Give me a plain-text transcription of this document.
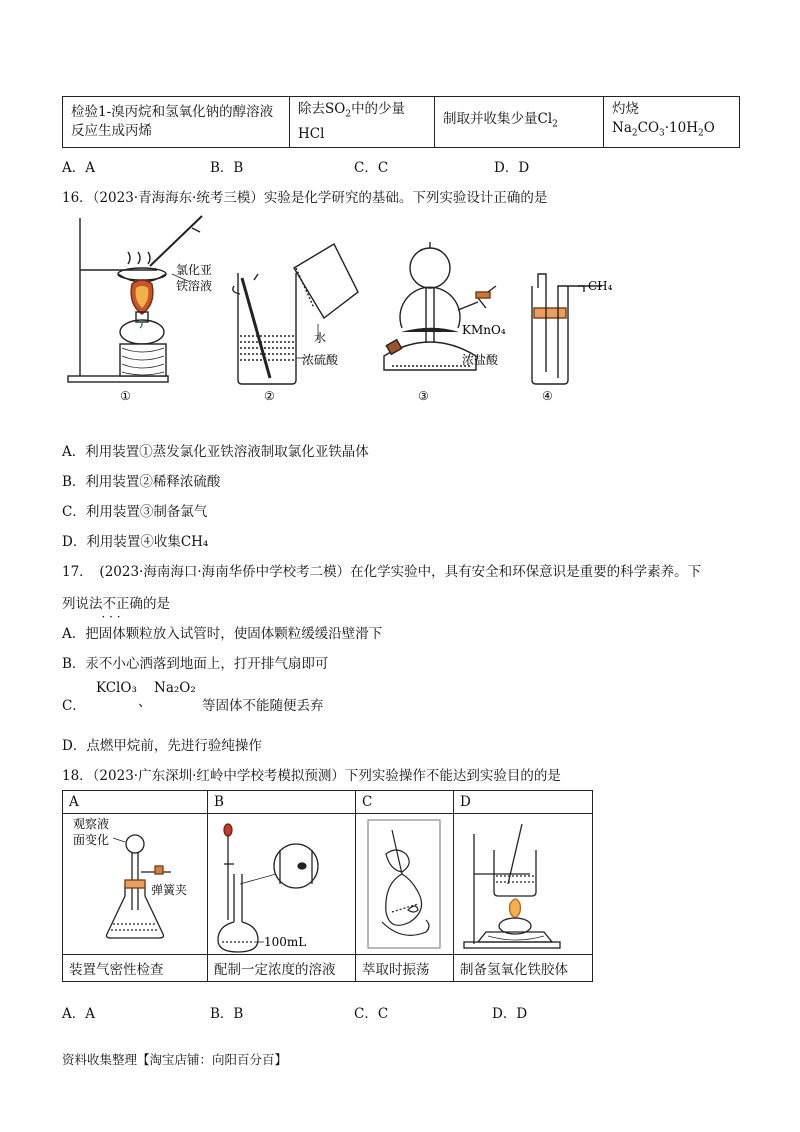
检验1-溴丙烷和氢氧化钠的醇溶液反应生成丙烯	除去$SO_2$中的少量
HCl	制取并收集少量$Cl_2$	灼烧
$Na_2CO_3\cdot 10H_2O$
A．A	B．B	C．C	D．D
16．（2023·青海海东·统考三模）实验是化学研究的基础。下列实验设计正确的是
氯化亚
铁溶液
水
浓硫酸
KMnO₄
浓盐酸
CH₄
①	②	③	④
A．利用装置①蒸发氯化亚铁溶液制取氯化亚铁晶体
B．利用装置②稀释浓硫酸
C．利用装置③制备氯气
D．利用装置④收集CH₄
17．　(2023·海南海口·海南华侨中学校考二模）在化学实验中，具有安全和环保意识是重要的科学素养。下
列说法不正确 · · ·的是
A．把固体颗粒放入试管时，使固体颗粒缓缓沿壁滑下
B．汞不小心洒落到地面上，打开排气扇即可
C．
KClO₃
、
Na₂O₂
等固体不能随便丢弃
D．点燃甲烷前，先进行验纯操作
18．（2023·广东深圳·红岭中学校考模拟预测）下列实验操作不能达到实验目的的是
A	B	C	D

观察液
面变化
弹簧夹	100mL

装置气密性检查	配制一定浓度的溶液	萃取时振荡	制备氢氧化铁胶体
A．A	B．B	C．C	D．D
资料收集整理【淘宝店铺：向阳百分百】
